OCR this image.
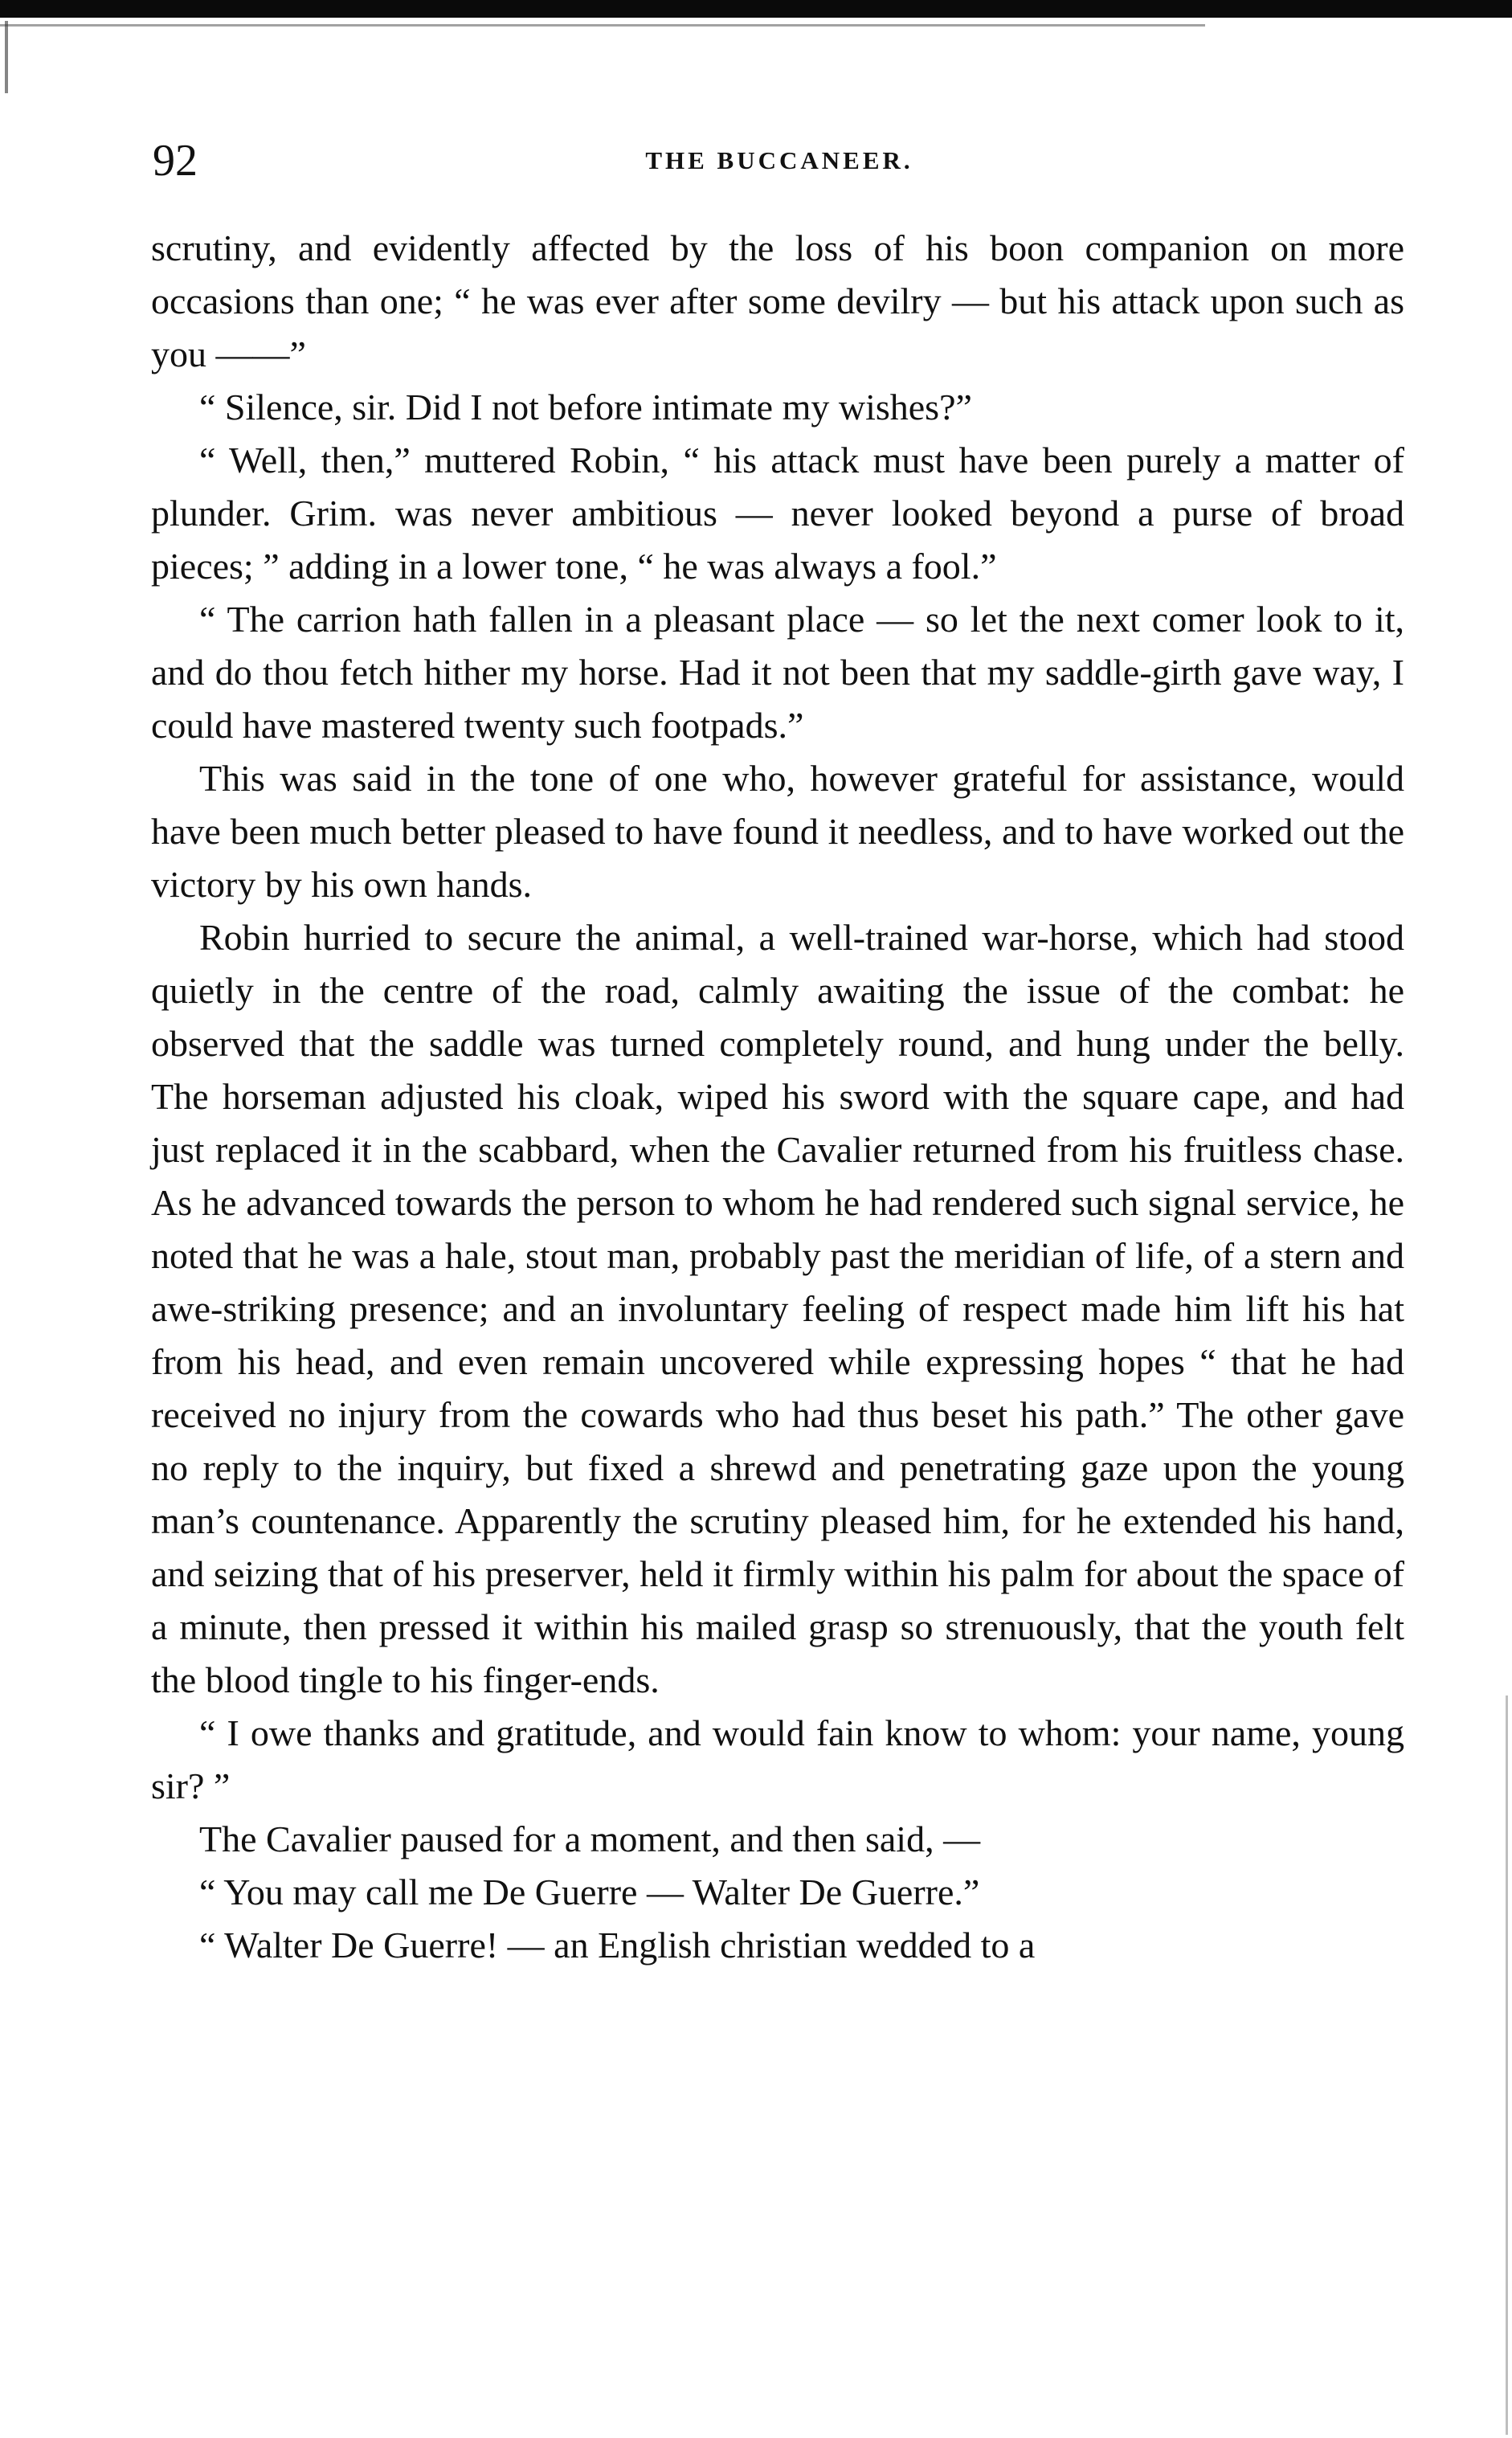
92	THE BUCCANEER.

scrutiny, and evidently affected by the loss of his boon companion on more occasions than one; “ he was ever after some devilry — but his attack upon such as you ——”

“ Silence, sir. Did I not before intimate my wishes?”

“ Well, then,” muttered Robin, “ his attack must have been purely a matter of plunder. Grim. was never ambitious — never looked beyond a purse of broad pieces; ” adding in a lower tone, “ he was always a fool.”

“ The carrion hath fallen in a pleasant place — so let the next comer look to it, and do thou fetch hither my horse. Had it not been that my saddle-girth gave way, I could have mastered twenty such footpads.”

This was said in the tone of one who, however grateful for assistance, would have been much better pleased to have found it needless, and to have worked out the victory by his own hands.

Robin hurried to secure the animal, a well-trained war-horse, which had stood quietly in the centre of the road, calmly awaiting the issue of the combat: he observed that the saddle was turned completely round, and hung under the belly. The horseman adjusted his cloak, wiped his sword with the square cape, and had just replaced it in the scabbard, when the Cavalier returned from his fruitless chase. As he advanced towards the person to whom he had rendered such signal service, he noted that he was a hale, stout man, probably past the meridian of life, of a stern and awe-striking presence; and an involuntary feeling of respect made him lift his hat from his head, and even remain uncovered while expressing hopes “ that he had received no injury from the cowards who had thus beset his path.” The other gave no reply to the inquiry, but fixed a shrewd and penetrating gaze upon the young man’s countenance. Apparently the scrutiny pleased him, for he extended his hand, and seizing that of his preserver, held it firmly within his palm for about the space of a minute, then pressed it within his mailed grasp so strenuously, that the youth felt the blood tingle to his finger-ends.

“ I owe thanks and gratitude, and would fain know to whom: your name, young sir? ”

The Cavalier paused for a moment, and then said, —

“ You may call me De Guerre — Walter De Guerre.”

“ Walter De Guerre! — an English christian wedded to a
